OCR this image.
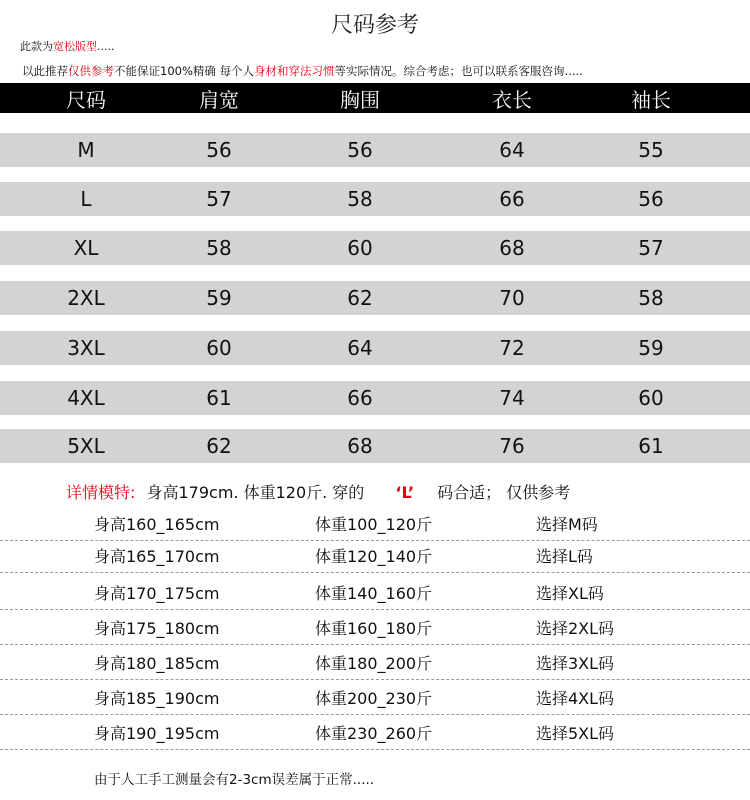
尺码参考
此款为宽松版型.....
以此推荐仅供参考不能保证100%精确 每个人身材和穿法习惯等实际情况。综合考虑；也可以联系客服咨询.....
尺码	肩宽	胸围	衣长	袖长
M	56	56	64	55
L	57	58	66	56
XL	58	60	68	57
2XL	59	62	70	58
3XL	60	64	72	59
4XL	61	66	74	60
5XL	62	68	76	61
详情模特: 身高179cm. 体重120斤. 穿的 ‘L’ 码合适； 仅供参考
身高160_165cm	体重100_120斤	选择M码
身高165_170cm	体重120_140斤	选择L码
身高170_175cm	体重140_160斤	选择XL码
身高175_180cm	体重160_180斤	选择2XL码
身高180_185cm	体重180_200斤	选择3XL码
身高185_190cm	体重200_230斤	选择4XL码
身高190_195cm	体重230_260斤	选择5XL码
由于人工手工测量会有2-3cm误差属于正常.....
